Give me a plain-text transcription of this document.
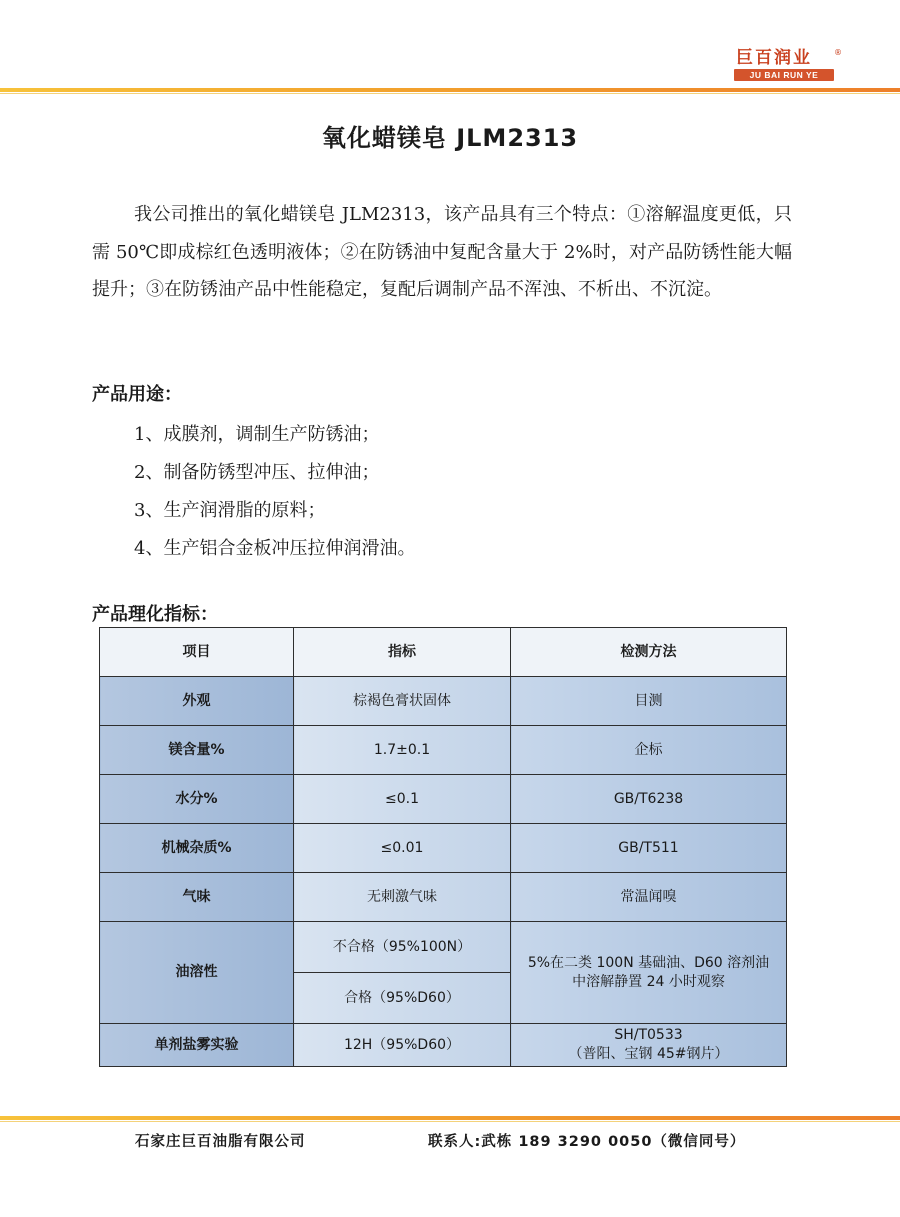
巨百润业	®
JU BAI RUN YE
氧化蜡镁皂 JLM2313

我公司推出的氧化蜡镁皂 JLM2313，该产品具有三个特点：①溶解温度更低，只需 50℃即成棕红色透明液体；②在防锈油中复配含量大于 2%时，对产品防锈性能大幅提升；③在防锈油产品中性能稳定，复配后调制产品不浑浊、不析出、不沉淀。

产品用途：
1、成膜剂，调制生产防锈油；
2、制备防锈型冲压、拉伸油；
3、生产润滑脂的原料；
4、生产铝合金板冲压拉伸润滑油。
产品理化指标：
项目	指标	检测方法
外观	棕褐色膏状固体	目测
镁含量%	1.7±0.1	企标
水分%	≤0.1	GB/T6238
机械杂质%	≤0.01	GB/T511
气味	无刺激气味	常温闻嗅
油溶性	不合格（95%100N）	5%在二类 100N 基础油、D60 溶剂油
中溶解静置 24 小时观察

	合格（95%D60）	
单剂盐雾实验	12H（95%D60）	SH/T0533
（普阳、宝钢 45#钢片）
石家庄巨百油脂有限公司	联系人:武栋 189 3290 0050（微信同号）
